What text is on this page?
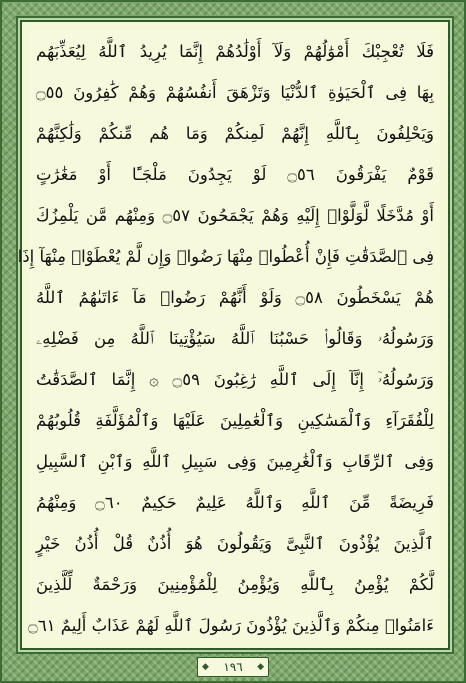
فَلَا تُعْجِبْكَ أَمْوَٰلُهُمْ وَلَآ أَوْلَٰدُهُمْ إِنَّمَا يُرِيدُ ٱللَّهُ لِيُعَذِّبَهُم
بِهَا فِى ٱلْحَيَوٰةِ ٱلدُّنْيَا وَتَزْهَقَ أَنفُسُهُمْ وَهُمْ كَٰفِرُونَ ۝٥٥
وَيَحْلِفُونَ بِٱللَّهِ إِنَّهُمْ لَمِنكُمْ وَمَا هُم مِّنكُمْ وَلَٰكِنَّهُمْ
قَوْمٌ يَفْرَقُونَ ۝٥٦ لَوْ يَجِدُونَ مَلْجَـًٔا أَوْ مَغَٰرَٰتٍ
أَوْ مُدَّخَلًا لَّوَلَّوْا۟ إِلَيْهِ وَهُمْ يَجْمَحُونَ ۝٥٧ وَمِنْهُم مَّن يَلْمِزُكَ
فِى ٱلصَّدَقَٰتِ فَإِنْ أُعْطُوا۟ مِنْهَا رَضُوا۟ وَإِن لَّمْ يُعْطَوْا۟ مِنْهَآ إِذَا
هُمْ يَسْخَطُونَ ۝٥٨ وَلَوْ أَنَّهُمْ رَضُوا۟ مَآ ءَاتَىٰهُمُ ٱللَّهُ
وَرَسُولُهُۥ وَقَالُوا۟ حَسْبُنَا ٱللَّهُ سَيُؤْتِينَا ٱللَّهُ مِن فَضْلِهِۦ
وَرَسُولُهُۥٓ إِنَّآ إِلَى ٱللَّهِ رَٰغِبُونَ ۝٥٩ ۞ إِنَّمَا ٱلصَّدَقَٰتُ
لِلْفُقَرَآءِ وَٱلْمَسَٰكِينِ وَٱلْعَٰمِلِينَ عَلَيْهَا وَٱلْمُؤَلَّفَةِ قُلُوبُهُمْ
وَفِى ٱلرِّقَابِ وَٱلْغَٰرِمِينَ وَفِى سَبِيلِ ٱللَّهِ وَٱبْنِ ٱلسَّبِيلِ
فَرِيضَةً مِّنَ ٱللَّهِ وَٱللَّهُ عَلِيمٌ حَكِيمٌ ۝٦٠ وَمِنْهُمُ
ٱلَّذِينَ يُؤْذُونَ ٱلنَّبِىَّ وَيَقُولُونَ هُوَ أُذُنٌ قُلْ أُذُنُ خَيْرٍ
لَّكُمْ يُؤْمِنُ بِٱللَّهِ وَيُؤْمِنُ لِلْمُؤْمِنِينَ وَرَحْمَةٌ لِّلَّذِينَ
ءَامَنُوا۟ مِنكُمْ وَٱلَّذِينَ يُؤْذُونَ رَسُولَ ٱللَّهِ لَهُمْ عَذَابٌ أَلِيمٌ ۝٦١
◆ ١٩٦ ◆
